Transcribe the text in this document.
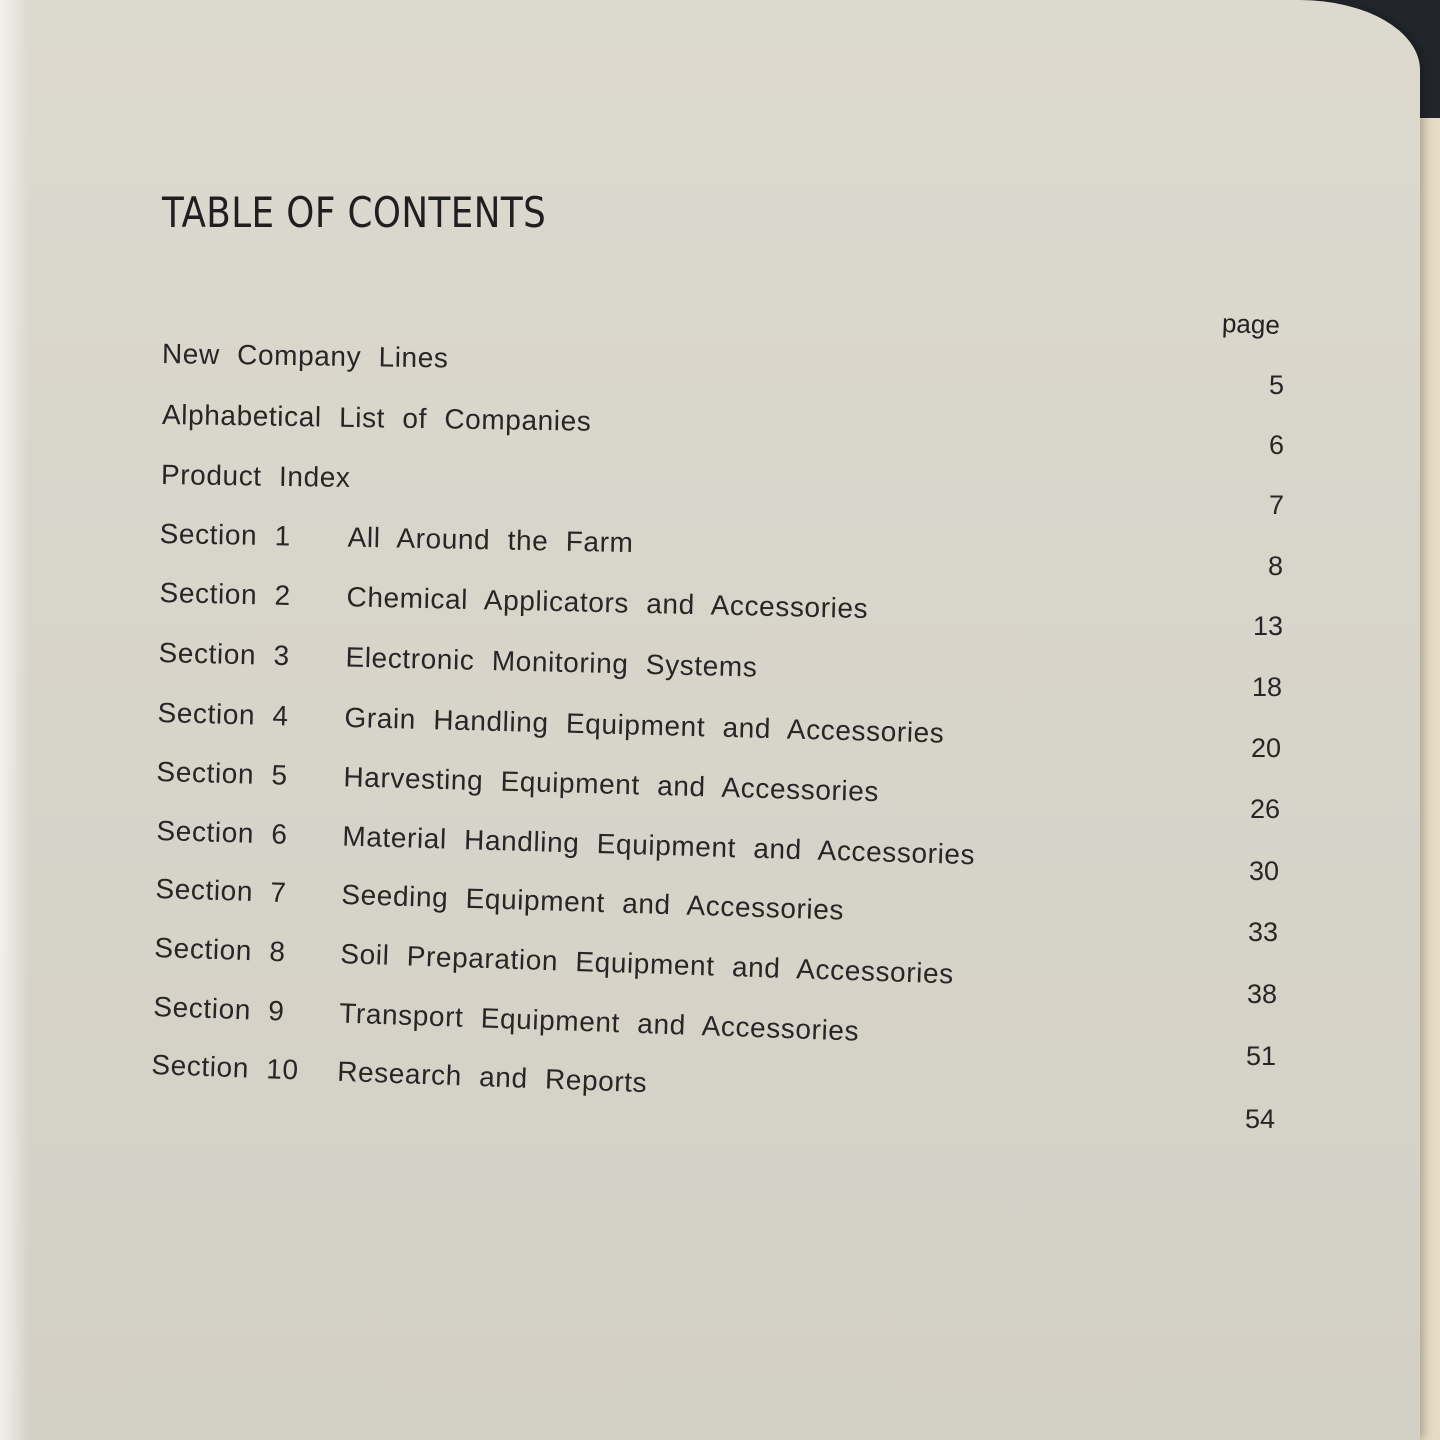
TABLE OF CONTENTS
page
New Company Lines
Alphabetical List of Companies
Product Index
Section 1 All Around the Farm
Section 2 Chemical Applicators and Accessories
Section 3 Electronic Monitoring Systems
Section 4 Grain Handling Equipment and Accessories
Section 5 Harvesting Equipment and Accessories
Section 6 Material Handling Equipment and Accessories
Section 7 Seeding Equipment and Accessories
Section 8 Soil Preparation Equipment and Accessories
Section 9 Transport Equipment and Accessories
Section 10 Research and Reports
5
6
7
8
13
18
20
26
30
33
38
51
54
